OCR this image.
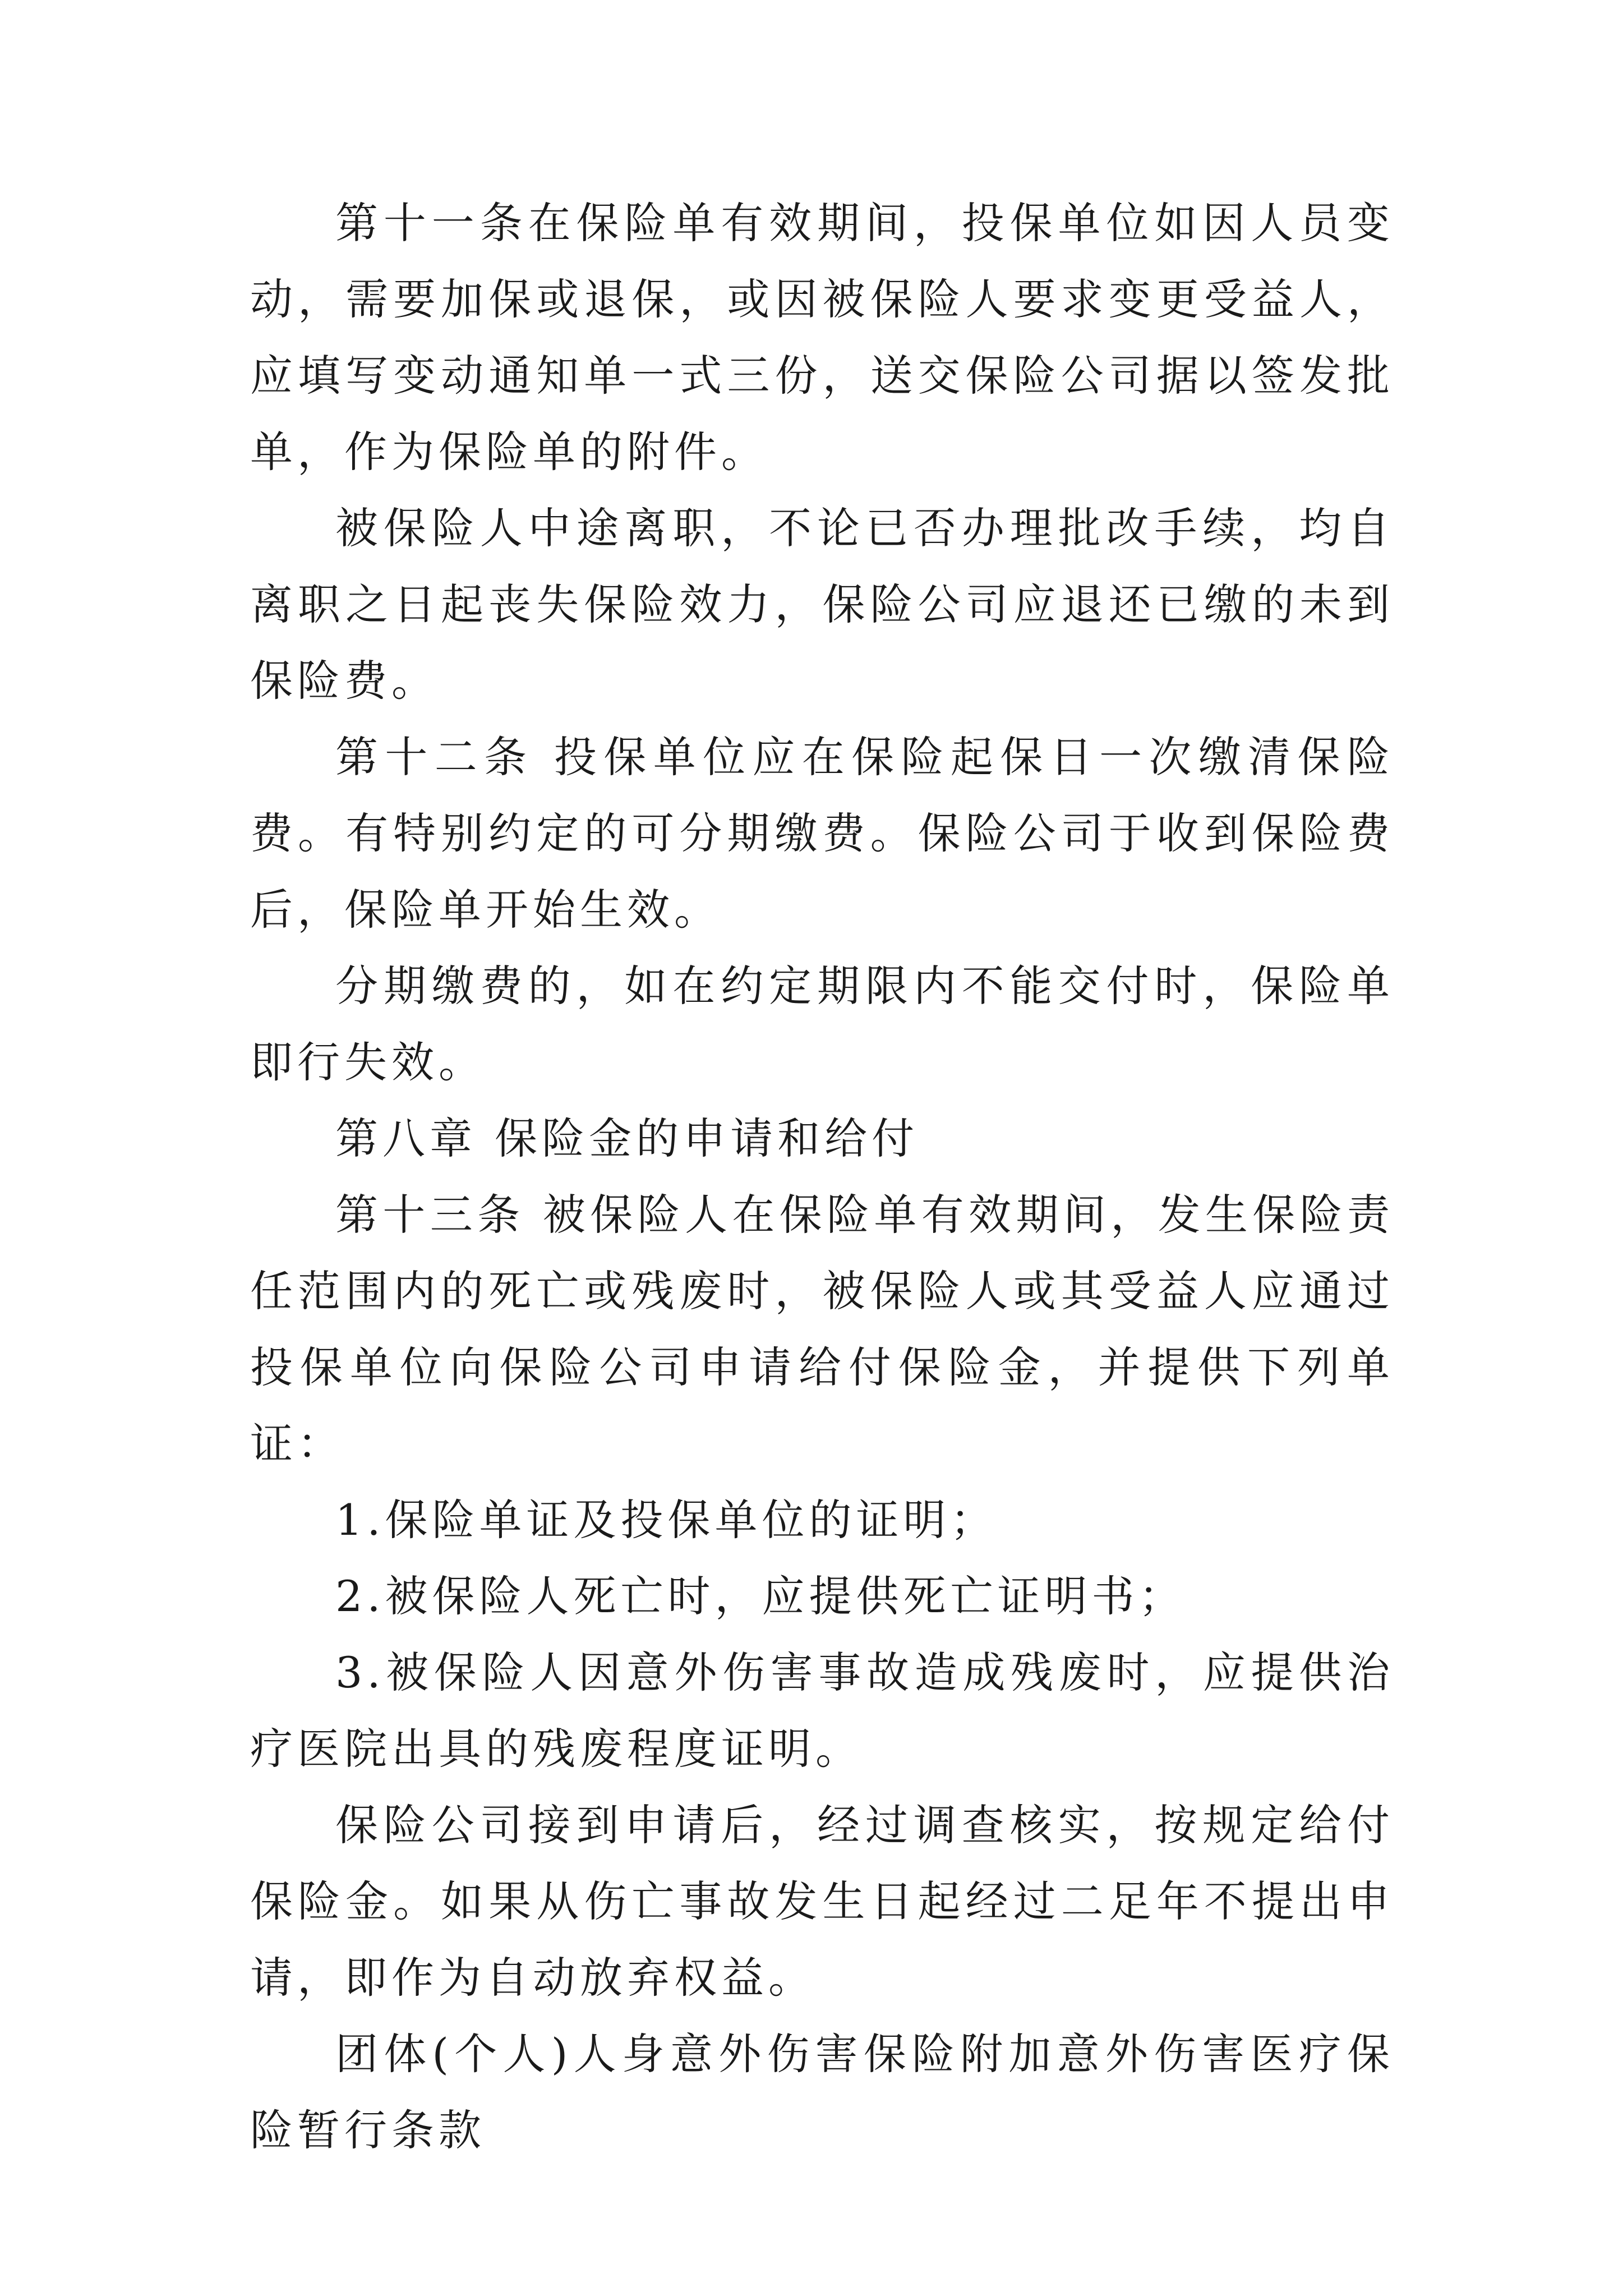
第十一条在保险单有效期间，投保单位如因人员变动，需要加保或退保，或因被保险人要求变更受益人，应填写变动通知单一式三份，送交保险公司据以签发批单，作为保险单的附件。

被保险人中途离职，不论已否办理批改手续，均自离职之日起丧失保险效力，保险公司应退还已缴的未到保险费。

第十二条 投保单位应在保险起保日一次缴清保险费。有特别约定的可分期缴费。保险公司于收到保险费后，保险单开始生效。

分期缴费的，如在约定期限内不能交付时，保险单即行失效。

第八章 保险金的申请和给付

第十三条 被保险人在保险单有效期间，发生保险责任范围内的死亡或残废时，被保险人或其受益人应通过投保单位向保险公司申请给付保险金，并提供下列单证：

1.保险单证及投保单位的证明；

2.被保险人死亡时，应提供死亡证明书；

3.被保险人因意外伤害事故造成残废时，应提供治疗医院出具的残废程度证明。

保险公司接到申请后，经过调查核实，按规定给付保险金。如果从伤亡事故发生日起经过二足年不提出申请，即作为自动放弃权益。

团体(个人)人身意外伤害保险附加意外伤害医疗保险暂行条款
